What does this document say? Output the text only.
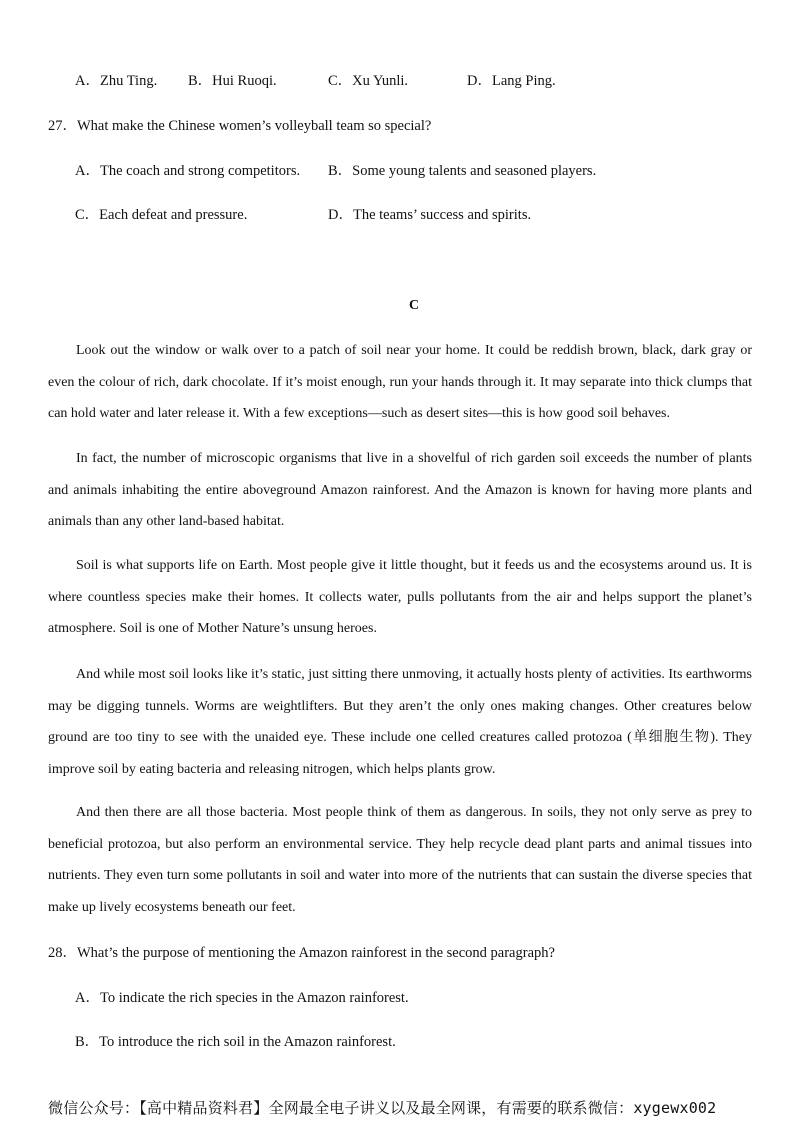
A．Zhu Ting. B．Hui Ruoqi.	C．Xu Yunli.	D．Lang Ping.
27．What make the Chinese women’s volleyball team so special?
A．The coach and strong competitors. B．Some young talents and seasoned players.
C．Each defeat and pressure.	D．The teams’ success and spirits.
C
Look out the window or walk over to a patch of soil near your home. It could be reddish brown, black, dark gray or even the colour of rich, dark chocolate. If it’s moist enough, run your hands through it. It may separate into thick clumps that can hold water and later release it. With a few exceptions—such as desert sites—this is how good soil behaves.
In fact, the number of microscopic organisms that live in a shovelful of rich garden soil exceeds the number of plants and animals inhabiting the entire aboveground Amazon rainforest. And the Amazon is known for having more plants and animals than any other land-based habitat.
Soil is what supports life on Earth. Most people give it little thought, but it feeds us and the ecosystems around us. It is where countless species make their homes. It collects water, pulls pollutants from the air and helps support the planet’s atmosphere. Soil is one of Mother Nature’s unsung heroes.
And while most soil looks like it’s static, just sitting there unmoving, it actually hosts plenty of activities. Its earthworms may be digging tunnels. Worms are weightlifters. But they aren’t the only ones making changes. Other creatures below ground are too tiny to see with the unaided eye. These include one celled creatures called protozoa (单细胞生物). They improve soil by eating bacteria and releasing nitrogen, which helps plants grow.
And then there are all those bacteria. Most people think of them as dangerous. In soils, they not only serve as prey to beneficial protozoa, but also perform an environmental service. They help recycle dead plant parts and animal tissues into nutrients. They even turn some pollutants in soil and water into more of the nutrients that can sustain the diverse species that make up lively ecosystems beneath our feet.
28．What’s the purpose of mentioning the Amazon rainforest in the second paragraph?
A．To indicate the rich species in the Amazon rainforest.
B．To introduce the rich soil in the Amazon rainforest.
微信公众号：【高中精品资料君】全网最全电子讲义以及最全网课，有需要的联系微信：xygewx002
